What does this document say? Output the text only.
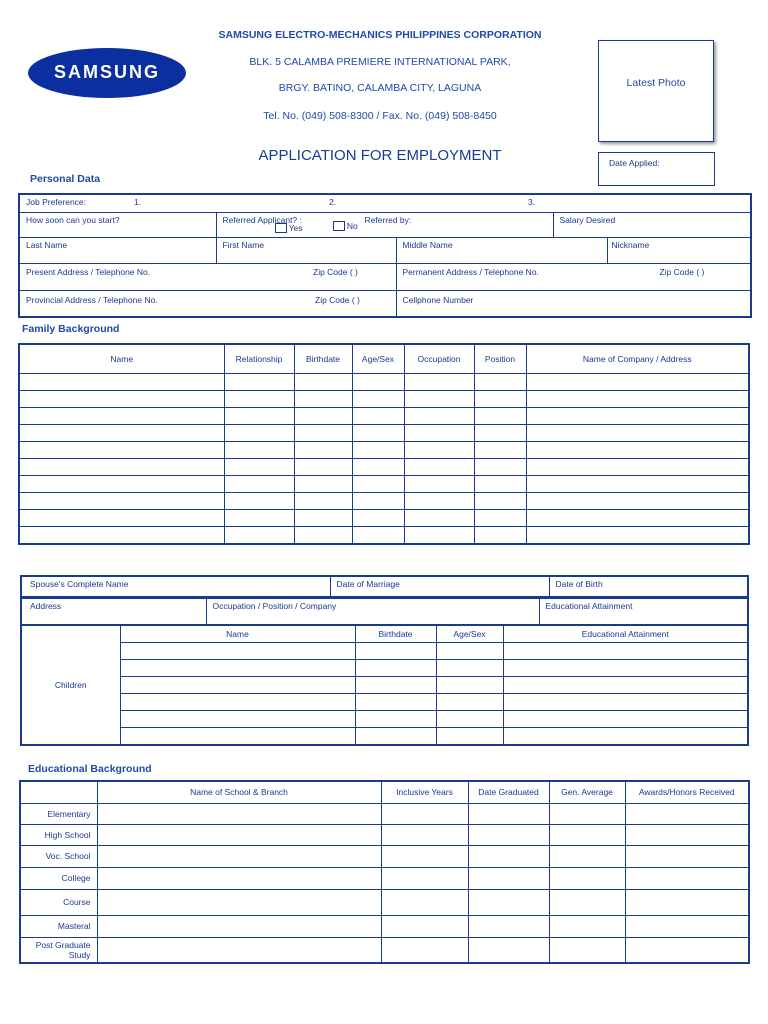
SAMSUNG
SAMSUNG ELECTRO-MECHANICS PHILIPPINES CORPORATION
BLK. 5 CALAMBA PREMIERE INTERNATIONAL PARK,
BRGY. BATINO, CALAMBA CITY, LAGUNA
Tel. No. (049) 508-8300 / Fax. No. (049) 508-8450
Latest Photo
Date Applied:
APPLICATION FOR EMPLOYMENT
Personal Data
Job Preference: 1. 2. 3.				

How soon can you start?	Referred Applicant? :
Yes No
Referred by:		Salary Desired	

Last Name	First Name	Middle Name		Nickname

Present Address / Telephone No. Zip Code ( )		Permanent Address / Telephone No. Zip Code ( )		

Provincial Address / Telephone No. Zip Code ( )		Cellphone Number		
Family Background
Name	Relationship	Birthdate	Age/Sex	Occupation	Position	Name of Company / Address

Spouse's Complete Name	Date of Marriage	Date of Birth
Address	Occupation / Position / Company	Educational Attainment
Children	Name	Birthdate	Age/Sex	Educational Attainment

Educational Background
	Name of School & Branch	Inclusive Years	Date Graduated	Gen. Average	Awards/Honors Received
Elementary					
High School					
Voc. School					
College					
Course					
Masteral					
Post Graduate Study					
